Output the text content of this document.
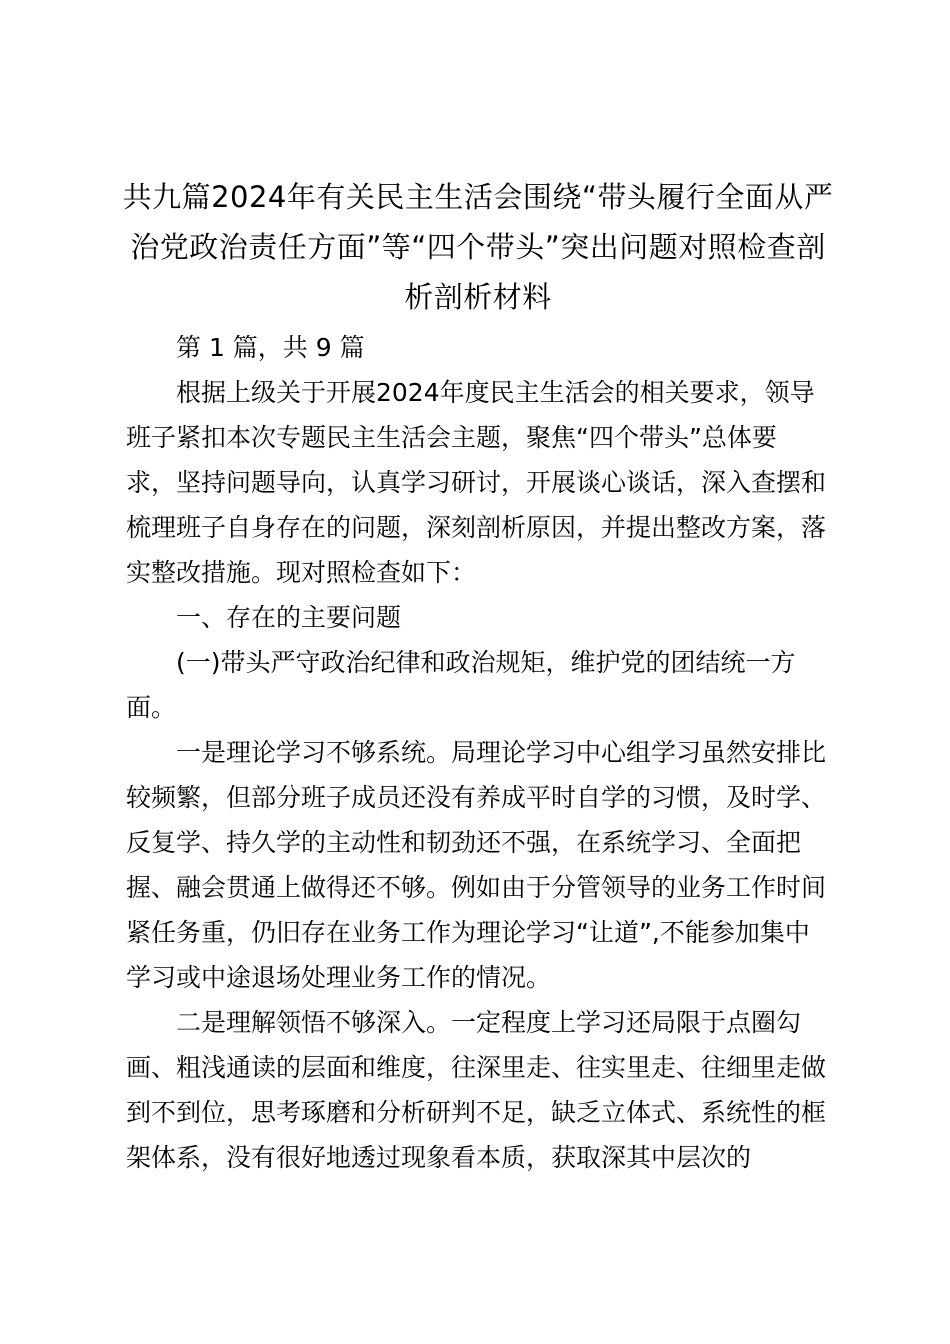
共九篇2024年有关民主生活会围绕“带头履行全面从严治党政治责任方面”等“四个带头”突出问题对照检查剖析剖析材料

第 1 篇，共 9 篇

根据上级关于开展2024年度民主生活会的相关要求，领导班子紧扣本次专题民主生活会主题，聚焦“四个带头”总体要求，坚持问题导向，认真学习研讨，开展谈心谈话，深入查摆和梳理班子自身存在的问题，深刻剖析原因，并提出整改方案，落实整改措施。现对照检查如下：

一、存在的主要问题

(一)带头严守政治纪律和政治规矩，维护党的团结统一方面。

一是理论学习不够系统。局理论学习中心组学习虽然安排比较频繁，但部分班子成员还没有养成平时自学的习惯，及时学、反复学、持久学的主动性和韧劲还不强，在系统学习、全面把握、融会贯通上做得还不够。例如由于分管领导的业务工作时间紧任务重，仍旧存在业务工作为理论学习“让道”,不能参加集中学习或中途退场处理业务工作的情况。

二是理解领悟不够深入。一定程度上学习还局限于点圈勾画、粗浅通读的层面和维度，往深里走、往实里走、往细里走做到不到位，思考琢磨和分析研判不足，缺乏立体式、系统性的框架体系，没有很好地透过现象看本质，获取深其中层次的
